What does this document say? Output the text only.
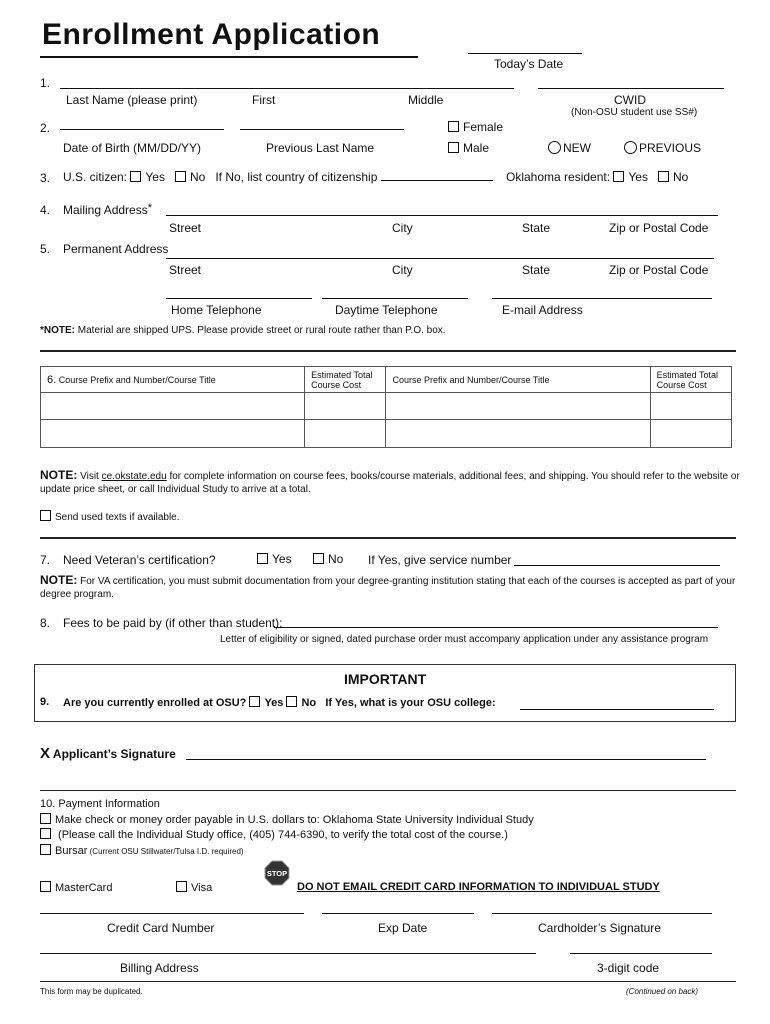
Enrollment Application
Today’s Date
1.
Last Name (please print)	First	Middle	CWID
(Non-OSU student use SS#)
2.	Female
Male
Date of Birth (MM/DD/YY)	Previous Last Name	NEW	PREVIOUS
3. U.S. citizen: Yes No If No, list country of citizenship	Oklahoma resident: Yes No
4. Mailing Address*
Street	City	State	Zip or Postal Code
5. Permanent Address
Street	City	State	Zip or Postal Code
Home Telephone	Daytime Telephone	E-mail Address
*NOTE: Material are shipped UPS. Please provide street or rural route rather than P.O. box.
6. Course Prefix and Number/Course Title	Estimated Total Course Cost	Course Prefix and Number/Course Title	Estimated Total Course Cost

NOTE: Visit ce.okstate.edu for complete information on course fees, books/course materials, additional fees, and shipping. You should refer to the website or update price sheet, or call Individual Study to arrive at a total.
Send used texts if available.
7. Need Veteran’s certification?	Yes	No If Yes, give service number
NOTE: For VA certification, you must submit documentation from your degree-granting institution stating that each of the courses is accepted as part of your degree program.
8. Fees to be paid by (if other than student):
Letter of eligibility or signed, dated purchase order must accompany application under any assistance program
IMPORTANT
9. Are you currently enrolled at OSU? Yes No If Yes, what is your OSU college:
X Applicant’s Signature
10. Payment Information
Make check or money order payable in U.S. dollars to: Oklahoma State University Individual Study
(Please call the Individual Study office, (405) 744-6390, to verify the total cost of the course.)
Bursar (Current OSU Stillwater/Tulsa I.D. required)
MasterCard	Visa
STOP
DO NOT EMAIL CREDIT CARD INFORMATION TO INDIVIDUAL STUDY
Credit Card Number	Exp Date	Cardholder’s Signature
Billing Address	3-digit code
This form may be duplicated.	(Continued on back)
